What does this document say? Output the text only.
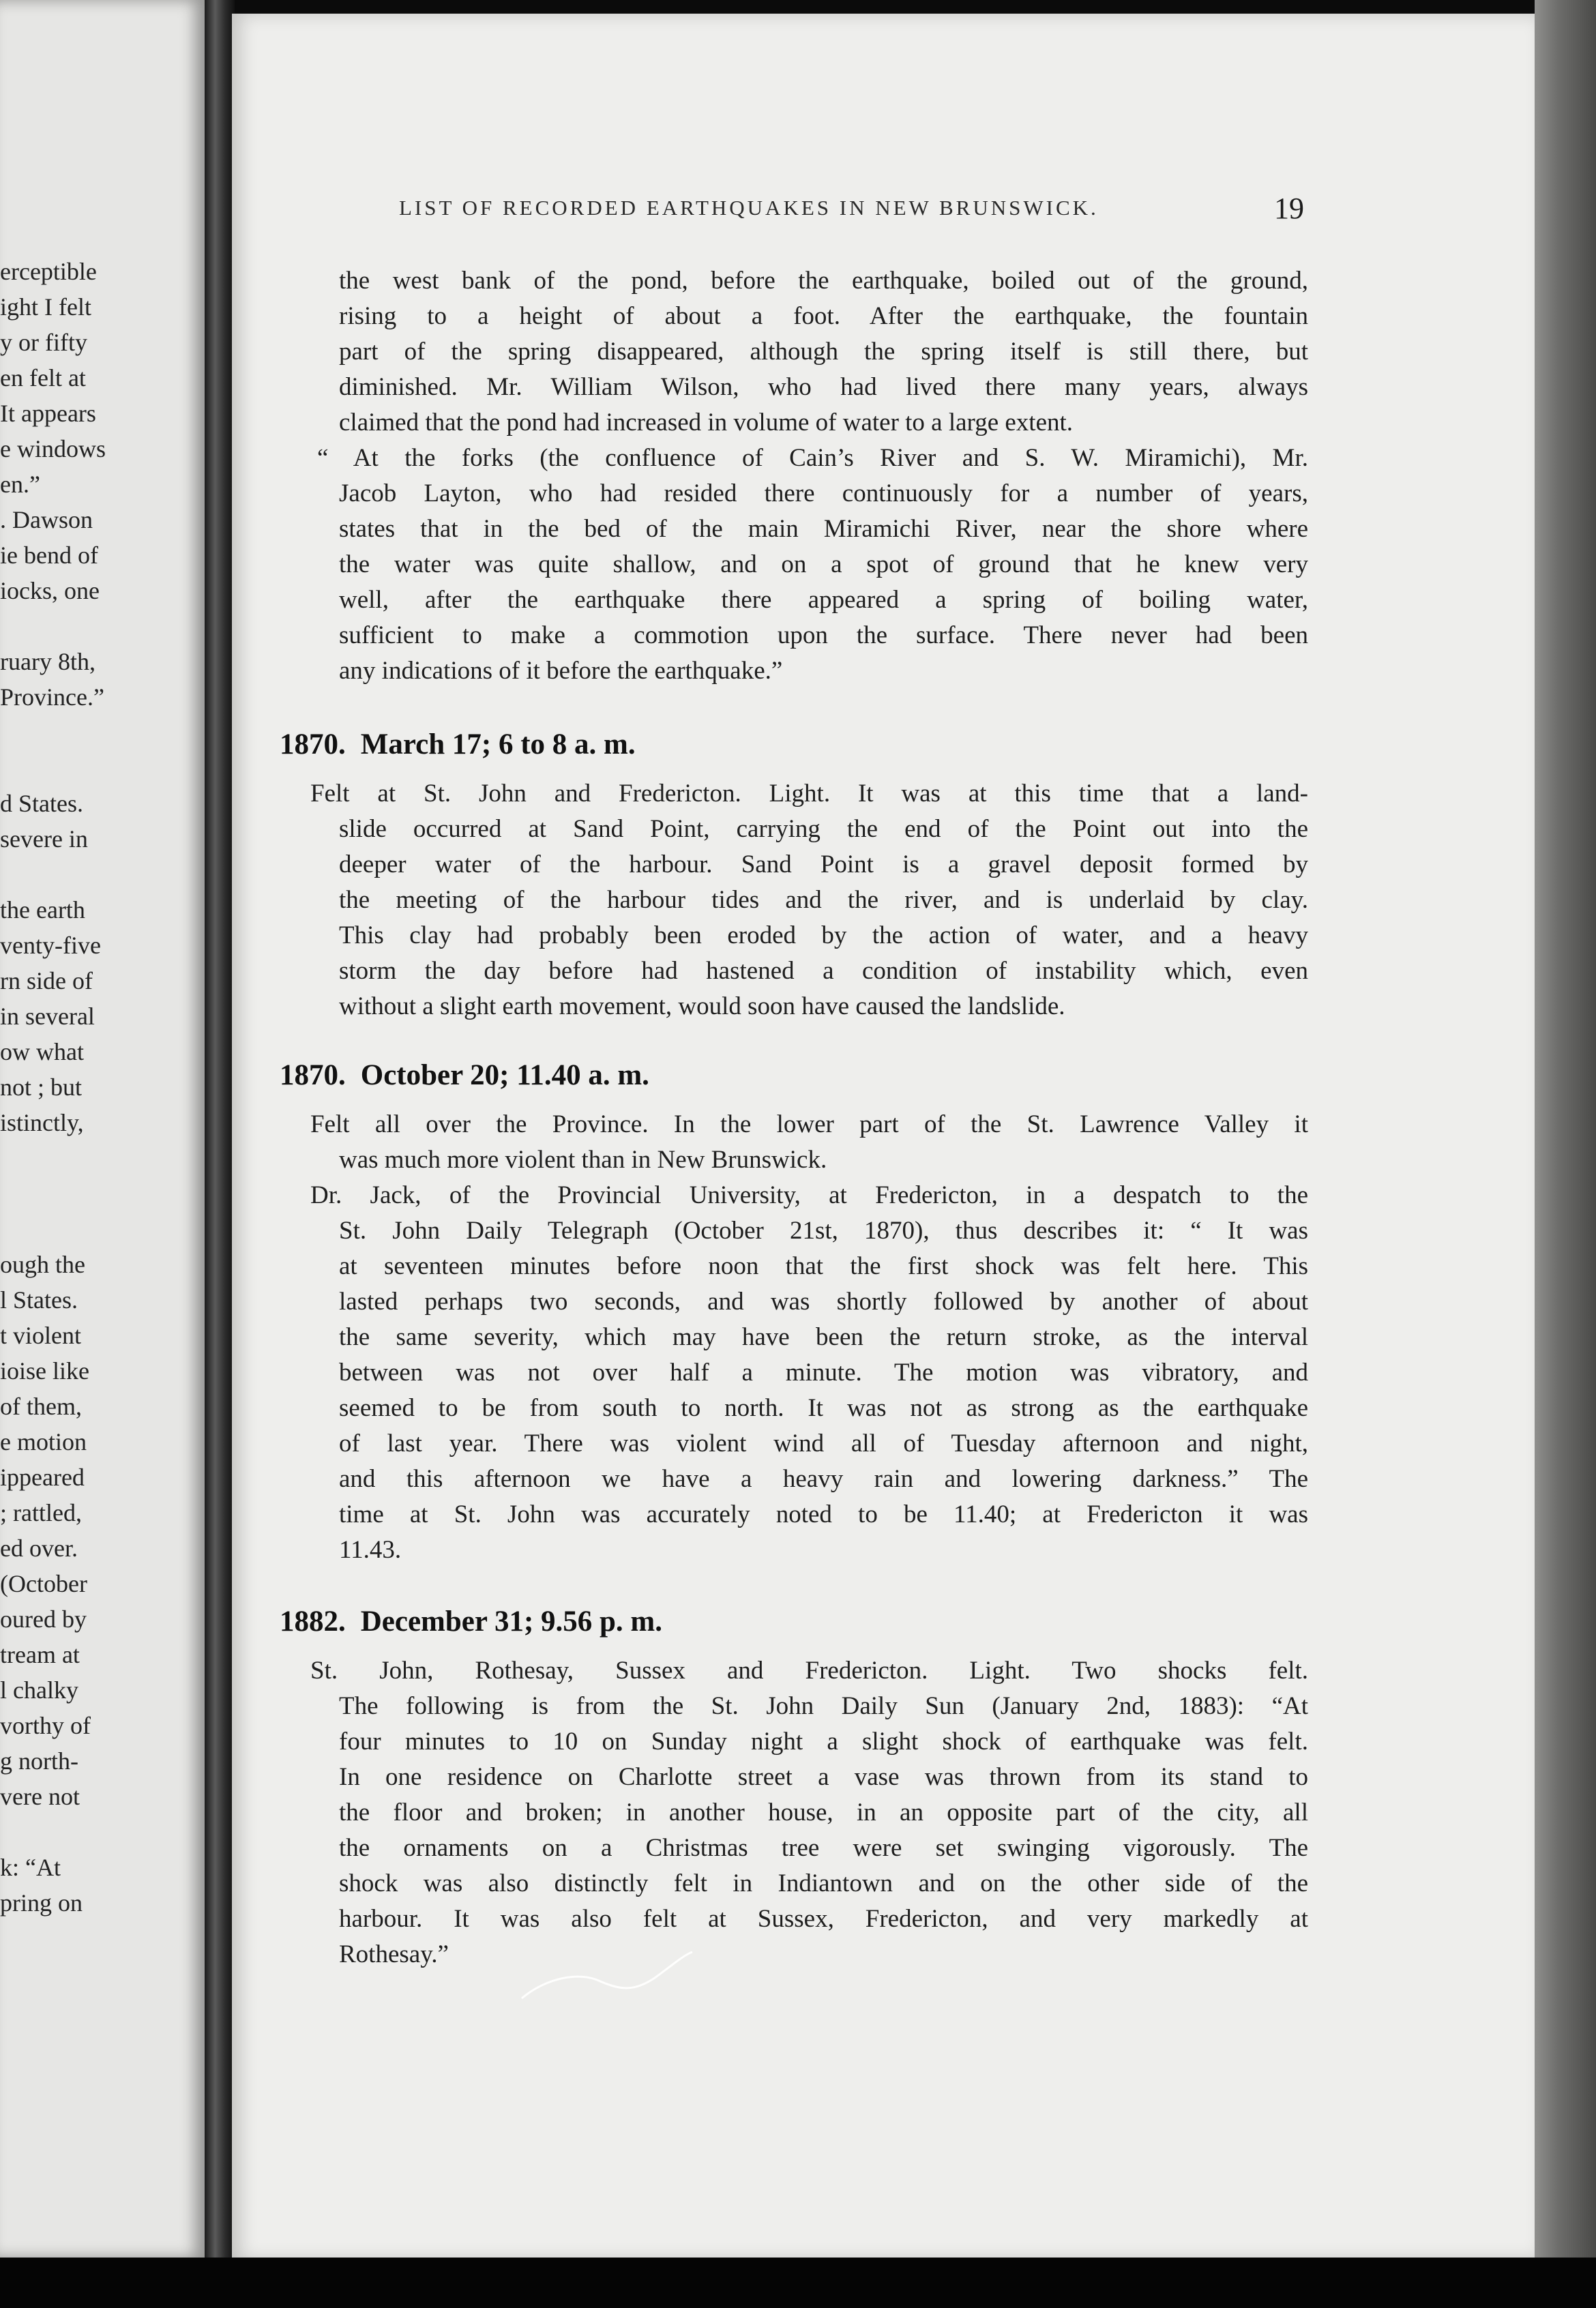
erceptible
ight I felt
y or fifty
en felt at
It appears
e windows
en.”
. Dawson
ie bend of
iocks, one
ruary 8th,
Province.”
d States.
severe in
the earth
venty-five
rn side of
in several
ow what
not ; but
istinctly,
ough the
l States.
t violent
ioise like
of them,
e motion
ippeared
; rattled,
ed over.
(October
oured by
tream at
l chalky
vorthy of
g north-
vere not
k: “At
pring on
LIST OF RECORDED EARTHQUAKES IN NEW BRUNSWICK.	19
the west bank of the pond, before the earthquake, boiled out of the ground,
rising to a height of about a foot. After the earthquake, the fountain
part of the spring disappeared, although the spring itself is still there, but
diminished. Mr. William Wilson, who had lived there many years, always
claimed that the pond had increased in volume of water to a large extent.
“ At the forks (the confluence of Cain’s River and S. W. Miramichi), Mr.
Jacob Layton, who had resided there continuously for a number of years,
states that in the bed of the main Miramichi River, near the shore where
the water was quite shallow, and on a spot of ground that he knew very
well, after the earthquake there appeared a spring of boiling water,
sufficient to make a commotion upon the surface. There never had been
any indications of it before the earthquake.”
1870. March 17; 6 to 8 a. m.
Felt at St. John and Fredericton. Light. It was at this time that a land-
slide occurred at Sand Point, carrying the end of the Point out into the
deeper water of the harbour. Sand Point is a gravel deposit formed by
the meeting of the harbour tides and the river, and is underlaid by clay.
This clay had probably been eroded by the action of water, and a heavy
storm the day before had hastened a condition of instability which, even
without a slight earth movement, would soon have caused the landslide.
1870. October 20; 11.40 a. m.
Felt all over the Province. In the lower part of the St. Lawrence Valley it
was much more violent than in New Brunswick.
Dr. Jack, of the Provincial University, at Fredericton, in a despatch to the
St. John Daily Telegraph (October 21st, 1870), thus describes it: “ It was
at seventeen minutes before noon that the first shock was felt here. This
lasted perhaps two seconds, and was shortly followed by another of about
the same severity, which may have been the return stroke, as the interval
between was not over half a minute. The motion was vibratory, and
seemed to be from south to north. It was not as strong as the earthquake
of last year. There was violent wind all of Tuesday afternoon and night,
and this afternoon we have a heavy rain and lowering darkness.” The
time at St. John was accurately noted to be 11.40; at Fredericton it was
11.43.
1882. December 31; 9.56 p. m.
St. John, Rothesay, Sussex and Fredericton. Light. Two shocks felt.
The following is from the St. John Daily Sun (January 2nd, 1883): “At
four minutes to 10 on Sunday night a slight shock of earthquake was felt.
In one residence on Charlotte street a vase was thrown from its stand to
the floor and broken; in another house, in an opposite part of the city, all
the ornaments on a Christmas tree were set swinging vigorously. The
shock was also distinctly felt in Indiantown and on the other side of the
harbour. It was also felt at Sussex, Fredericton, and very markedly at
Rothesay.”
